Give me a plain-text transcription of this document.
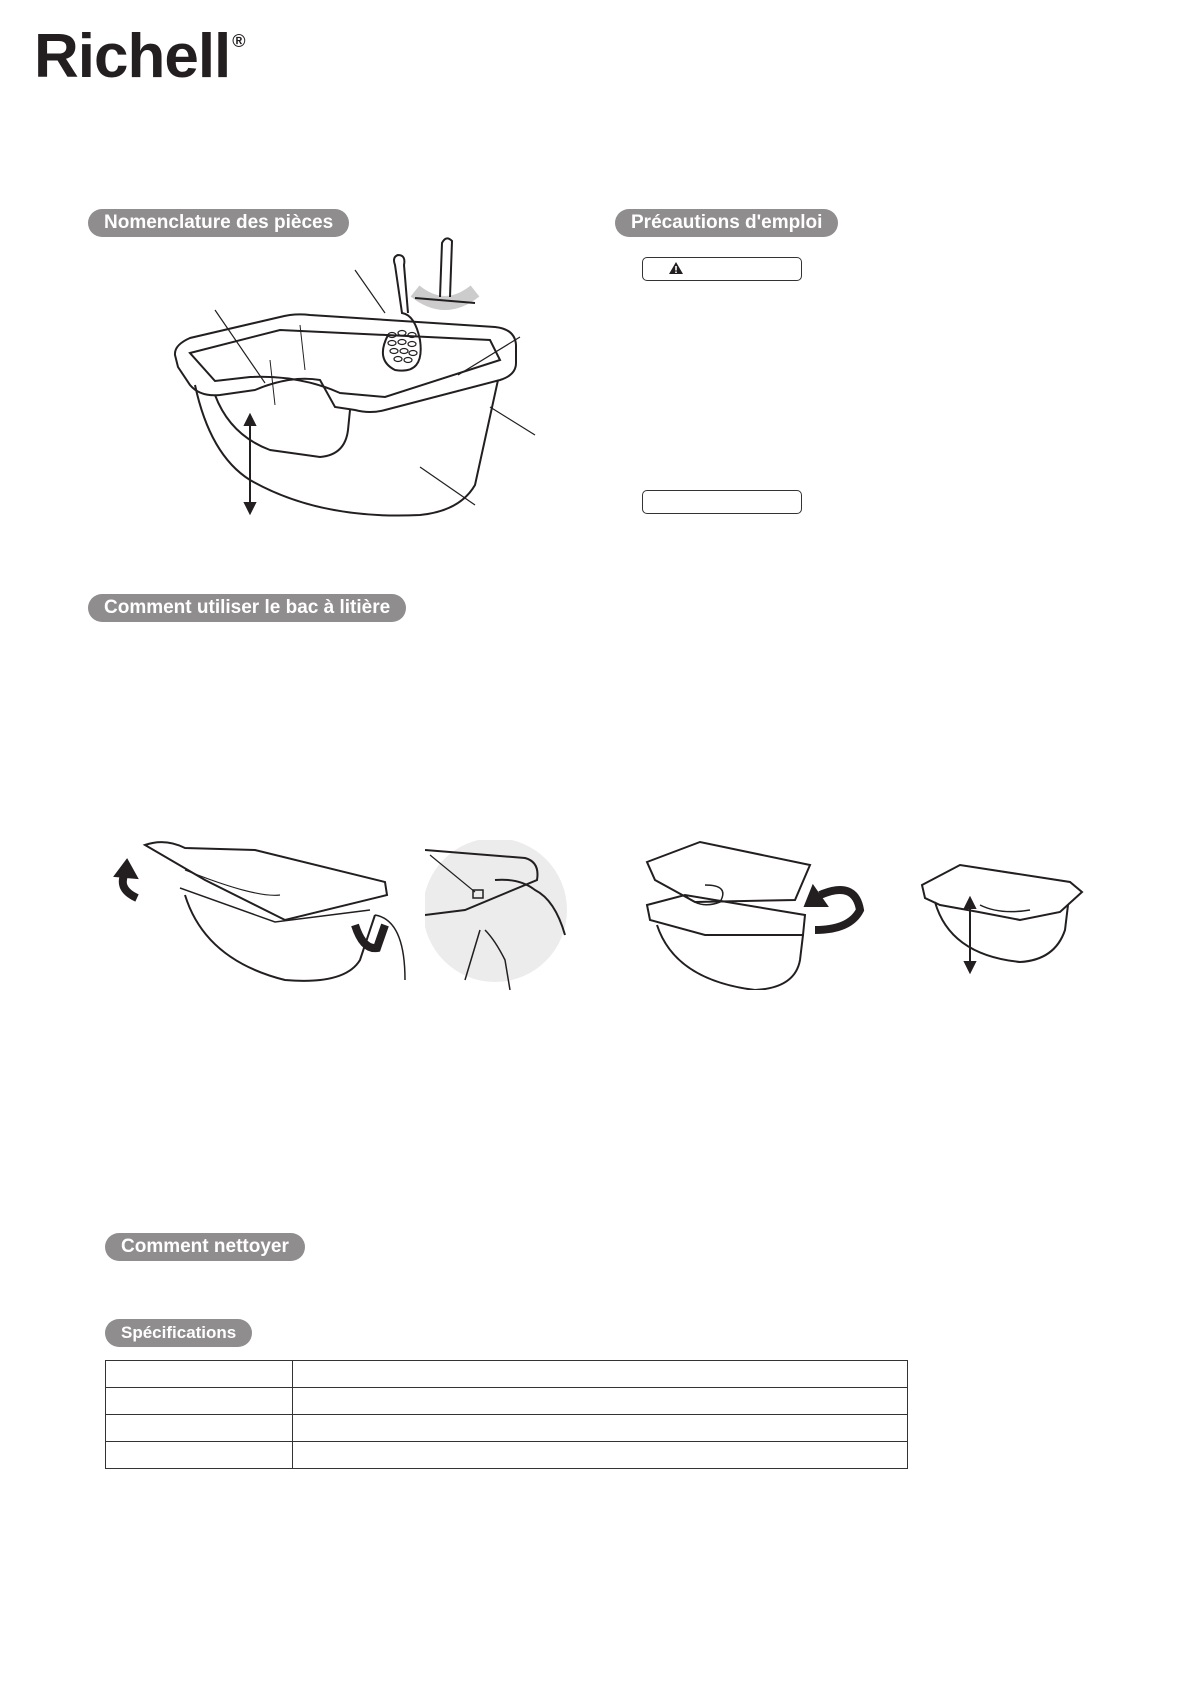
Richell ®
Nomenclature des pièces	Précautions d'emploi
Comment utiliser le bac à litière
Comment nettoyer
Spécifications
